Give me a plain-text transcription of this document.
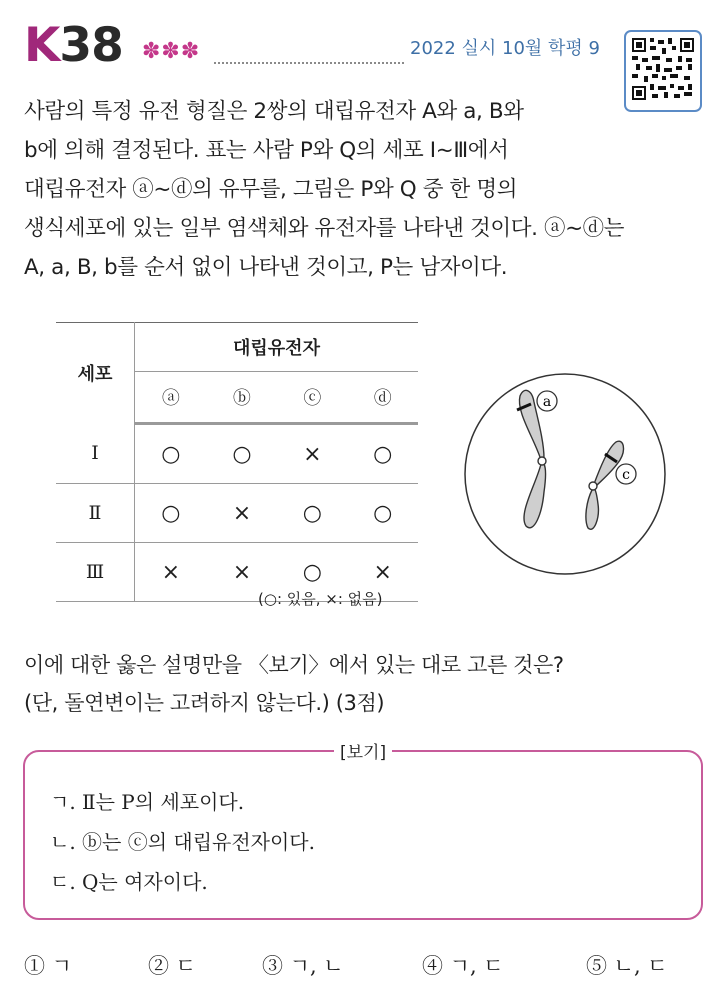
K38 ✽✽✽	2022 실시 10월 학평 9

사람의 특정 유전 형질은 2쌍의 대립유전자 A와 a, B와

b에 의해 결정된다. 표는 사람 P와 Q의 세포 Ⅰ~Ⅲ에서

대립유전자 ⓐ~ⓓ의 유무를, 그림은 P와 Q 중 한 명의

생식세포에 있는 일부 염색체와 유전자를 나타낸 것이다. ⓐ~ⓓ는

A, a, B, b를 순서 없이 나타낸 것이고, P는 남자이다.

세포	대립유전자			
	ⓐ	ⓑ	ⓒ	ⓓ
Ⅰ	○	○	×	○
Ⅱ	○	×	○	○
Ⅲ	×	×	○	×
(○: 있음, ×: 없음)
a
c

이에 대한 옳은 설명만을 〈보기〉에서 있는 대로 고른 것은?

(단, 돌연변이는 고려하지 않는다.) (3점)

[보기]
ㄱ. Ⅱ는 P의 세포이다.
ㄴ. ⓑ는 ⓒ의 대립유전자이다.
ㄷ. Q는 여자이다.
① ㄱ	② ㄷ	③ ㄱ, ㄴ	④ ㄱ, ㄷ	⑤ ㄴ, ㄷ
